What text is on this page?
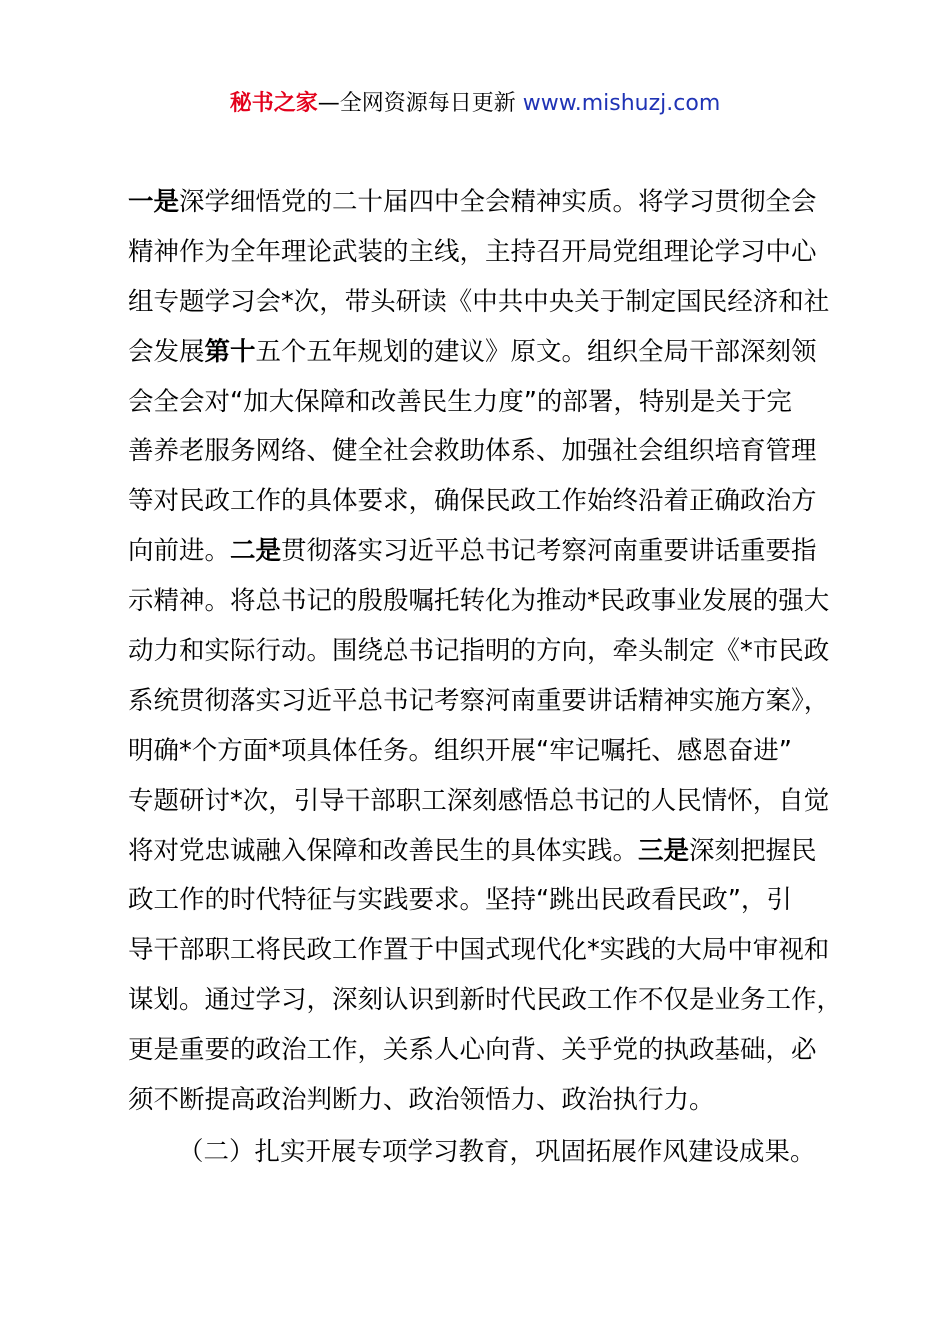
秘书之家—全网资源每日更新 www.mishuzj.com
一是深学细悟党的二十届四中全会精神实质。将学习贯彻全会
精神作为全年理论武装的主线，主持召开局党组理论学习中心
组专题学习会*次，带头研读《中共中央关于制定国民经济和社
会发展第十五个五年规划的建议》原文。组织全局干部深刻领
会全会对“加大保障和改善民生力度”的部署，特别是关于完
善养老服务网络、健全社会救助体系、加强社会组织培育管理
等对民政工作的具体要求，确保民政工作始终沿着正确政治方
向前进。二是贯彻落实习近平总书记考察河南重要讲话重要指
示精神。将总书记的殷殷嘱托转化为推动*民政事业发展的强大
动力和实际行动。围绕总书记指明的方向，牵头制定《*市民政
系统贯彻落实习近平总书记考察河南重要讲话精神实施方案》，
明确*个方面*项具体任务。组织开展“牢记嘱托、感恩奋进”
专题研讨*次，引导干部职工深刻感悟总书记的人民情怀，自觉
将对党忠诚融入保障和改善民生的具体实践。三是深刻把握民
政工作的时代特征与实践要求。坚持“跳出民政看民政”，引
导干部职工将民政工作置于中国式现代化*实践的大局中审视和
谋划。通过学习，深刻认识到新时代民政工作不仅是业务工作，
更是重要的政治工作，关系人心向背、关乎党的执政基础，必
须不断提高政治判断力、政治领悟力、政治执行力。
（二）扎实开展专项学习教育，巩固拓展作风建设成果。
